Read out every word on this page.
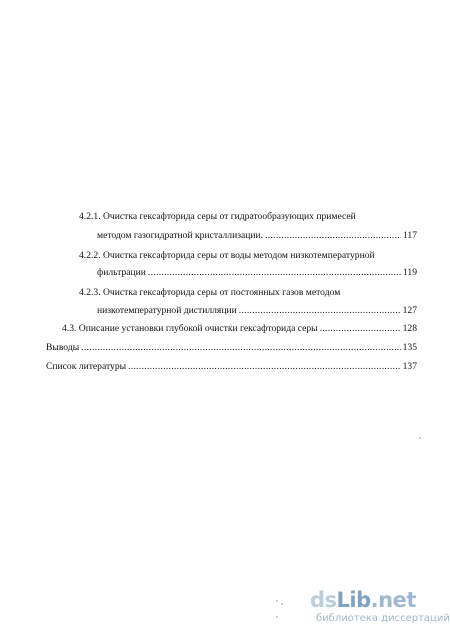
4.2.1. Очистка гексафторида серы от гидратообразующих примесей
методом газогидратной кристаллизации. .....	117
4.2.2. Очистка гексафторида серы от воды методом низкотемпературной
фильтрации .....	119
4.2.3. Очистка гексафторида серы от постоянных газов методом
низкотемпературной дистилляции .....	127
4.3. Описание установки глубокой очистки гексафторида серы .....	128
Выводы .....	135
Список литературы .....	137
dsLib.net
библиотека диссертаций
